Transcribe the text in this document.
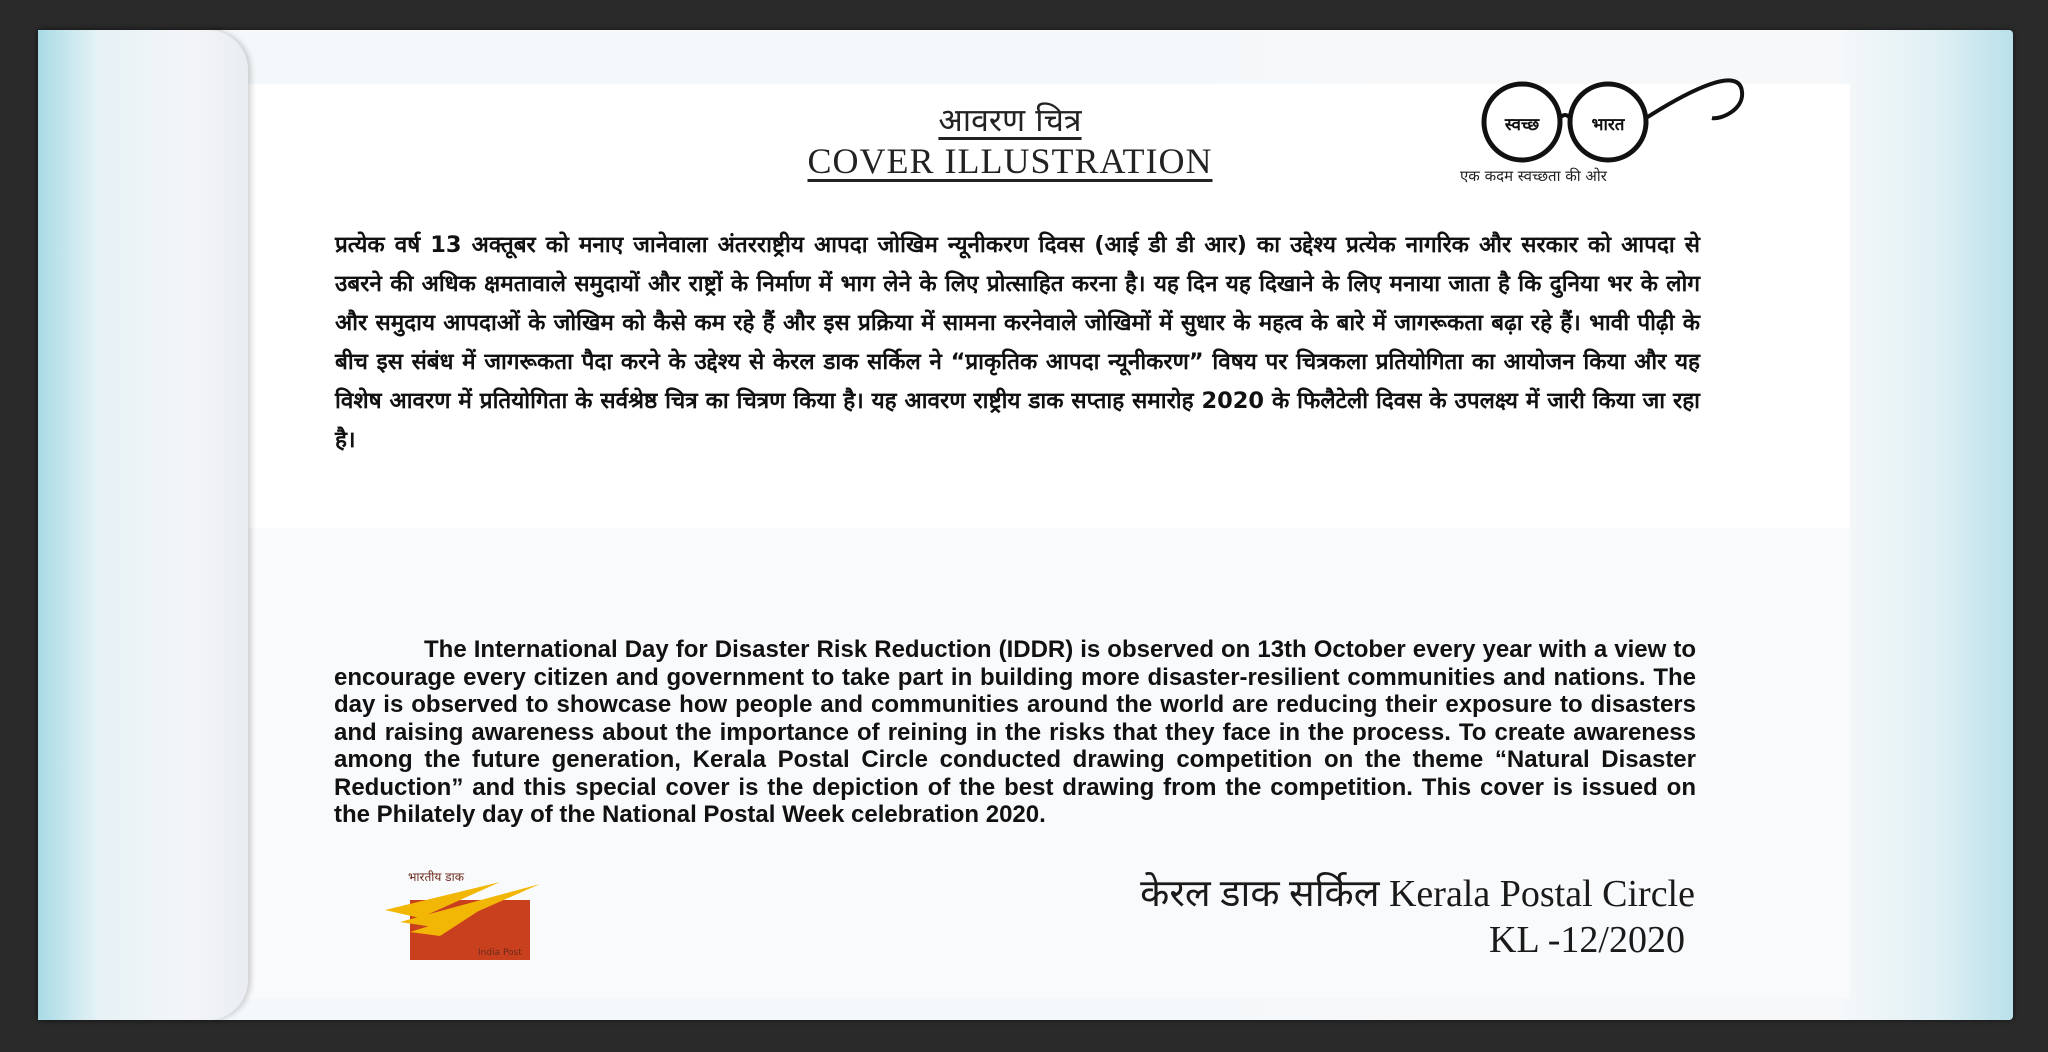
आवरण चित्र
COVER ILLUSTRATION
स्वच्छ	भारत
एक कदम स्वच्छता की ओर
प्रत्येक वर्ष 13 अक्तूबर को मनाए जानेवाला अंतरराष्ट्रीय आपदा जोखिम न्यूनीकरण दिवस (आई डी डी आर) का उद्देश्य प्रत्येक नागरिक और सरकार को आपदा से उबरने की अधिक क्षमतावाले समुदायों और राष्ट्रों के निर्माण में भाग लेने के लिए प्रोत्साहित करना है। यह दिन यह दिखाने के लिए मनाया जाता है कि दुनिया भर के लोग और समुदाय आपदाओं के जोखिम को कैसे कम रहे हैं और इस प्रक्रिया में सामना करनेवाले जोखिमों में सुधार के महत्व के बारे में जागरूकता बढ़ा रहे हैं। भावी पीढ़ी के बीच इस संबंध में जागरूकता पैदा करने के उद्देश्य से केरल डाक सर्किल ने “प्राकृतिक आपदा न्यूनीकरण” विषय पर चित्रकला प्रतियोगिता का आयोजन किया और यह विशेष आवरण में प्रतियोगिता के सर्वश्रेष्ठ चित्र का चित्रण किया है। यह आवरण राष्ट्रीय डाक सप्ताह समारोह 2020 के फिलैटेली दिवस के उपलक्ष्य में जारी किया जा रहा है।
The International Day for Disaster Risk Reduction (IDDR) is observed on 13th October every year with a view to encourage every citizen and government to take part in building more disaster-resilient communities and nations. The day is observed to showcase how people and communities around the world are reducing their exposure to disasters and raising awareness about the importance of reining in the risks that they face in the process. To create awareness among the future generation, Kerala Postal Circle conducted drawing competition on the theme “Natural Disaster Reduction” and this special cover is the depiction of the best drawing from the competition. This cover is issued on the Philately day of the National Postal Week celebration 2020.
भारतीय डाक
India Post
केरल डाक सर्किल Kerala Postal Circle
KL -12/2020
